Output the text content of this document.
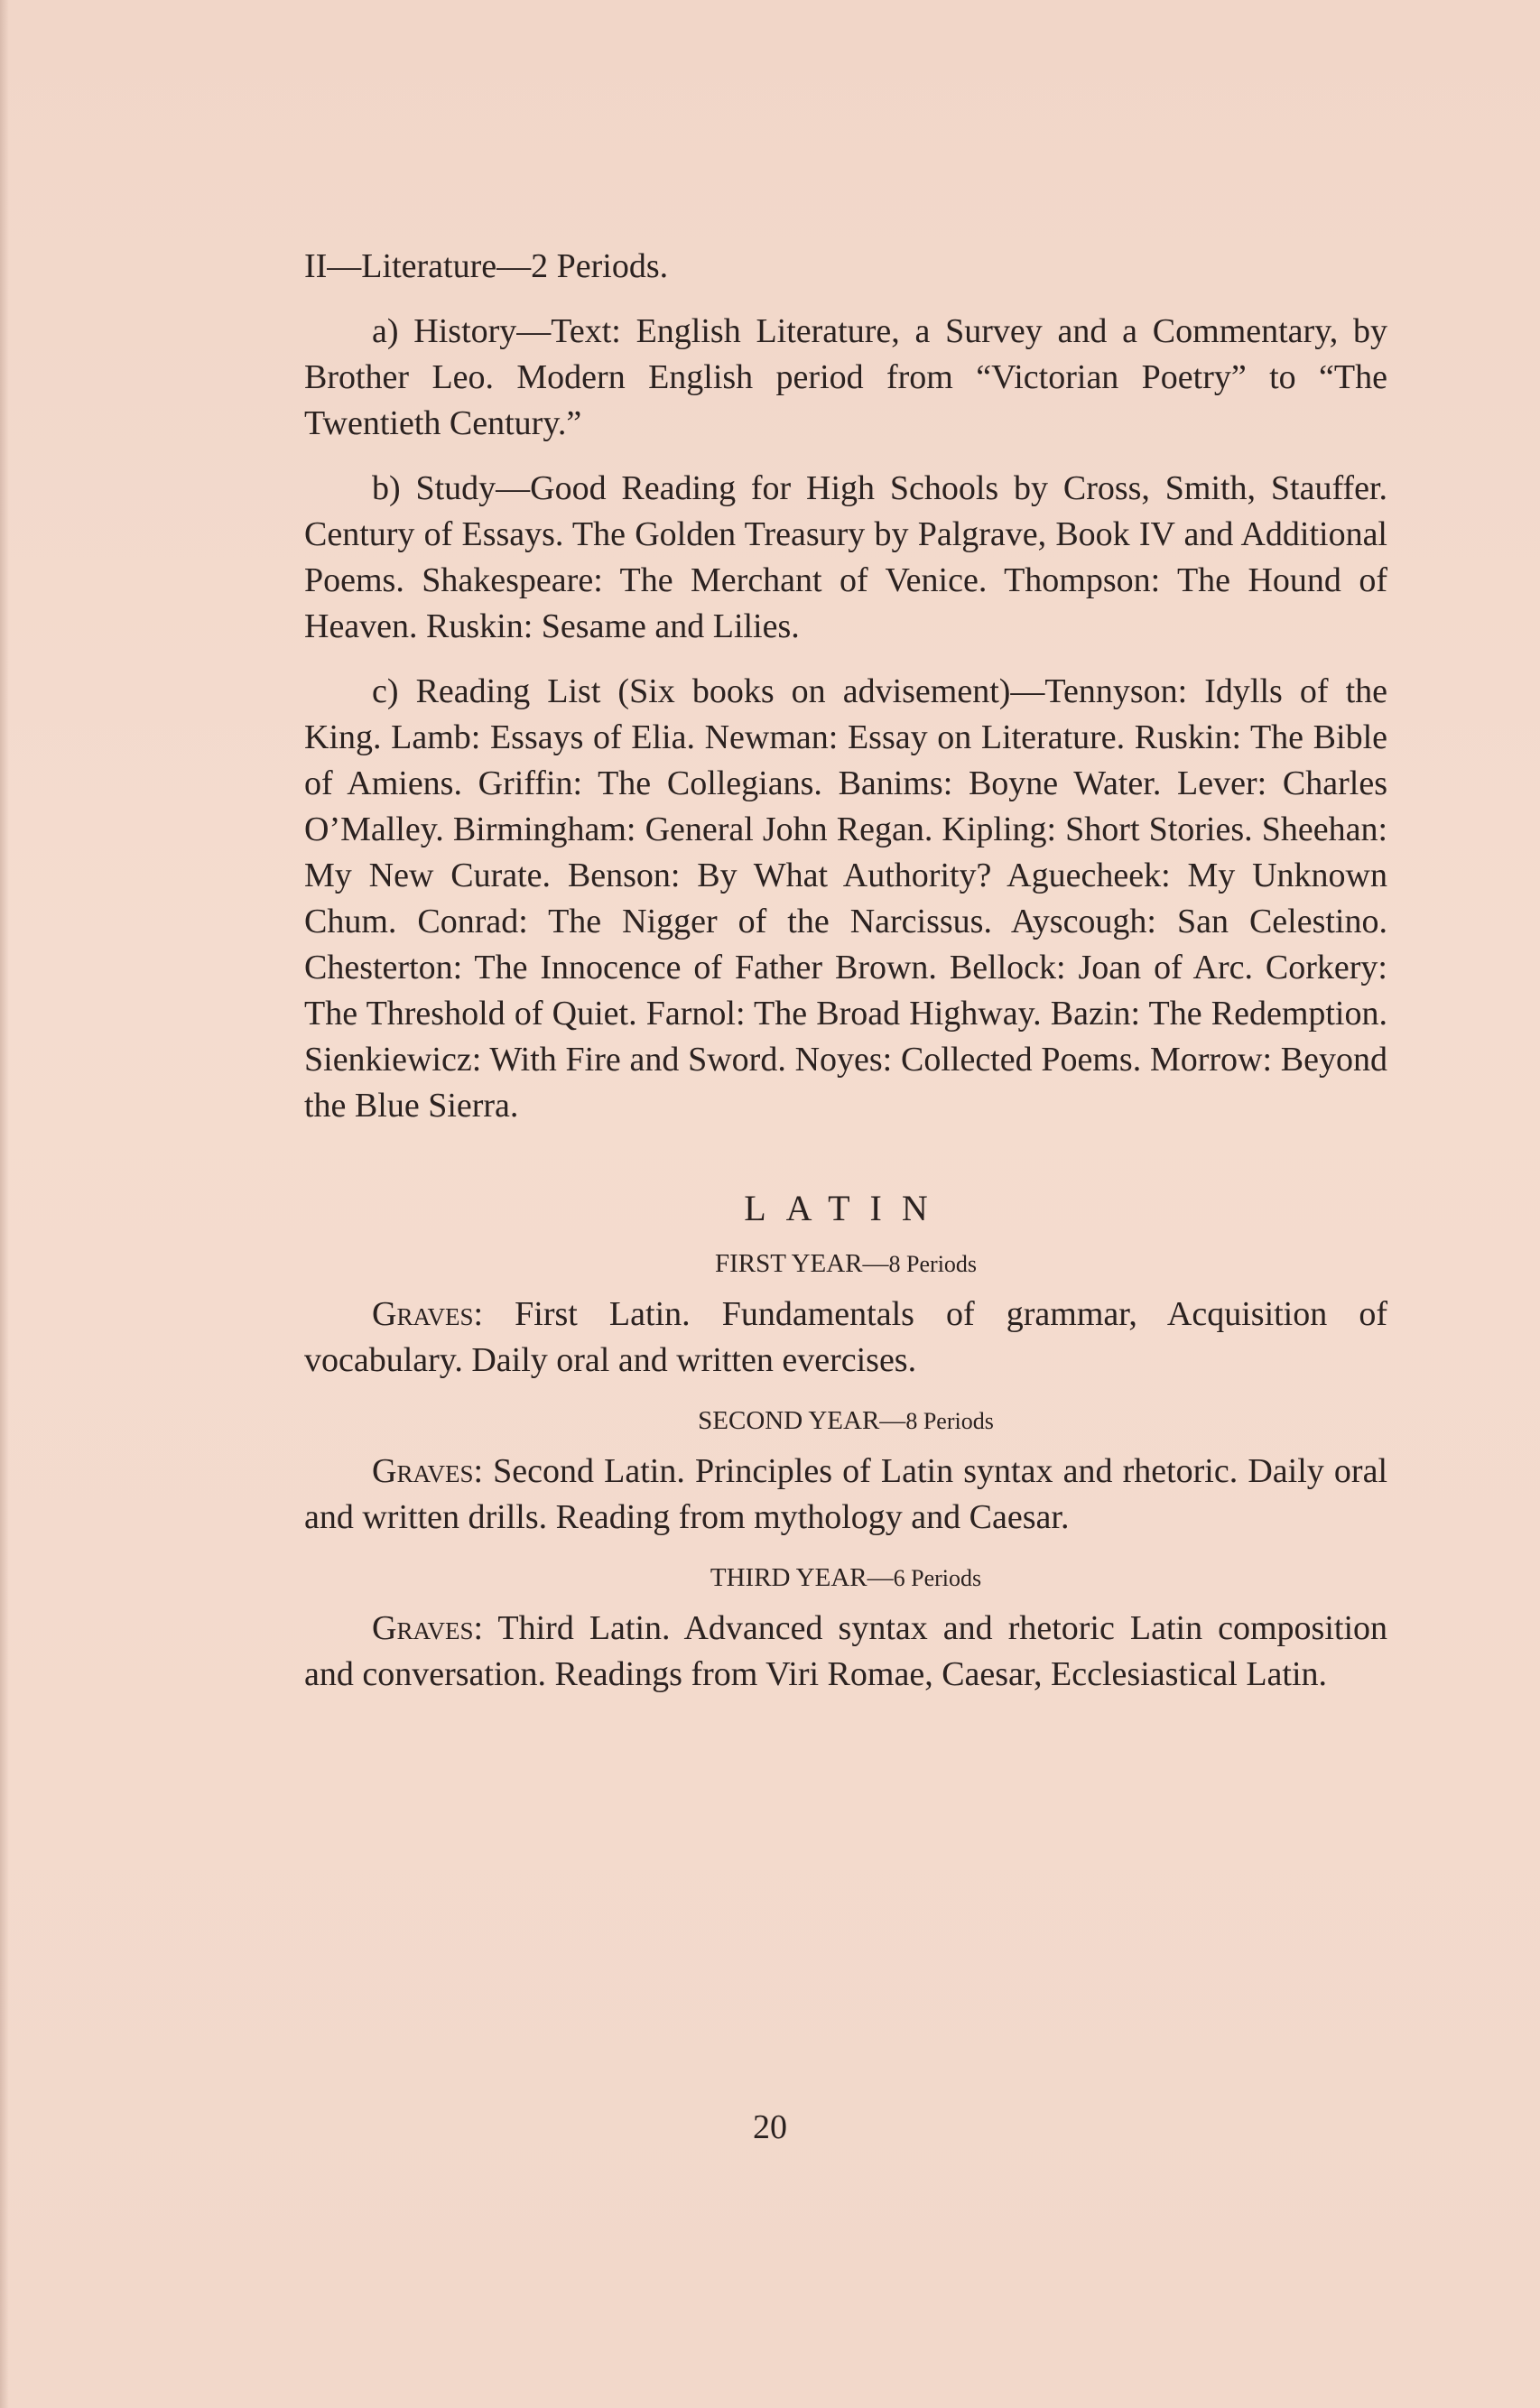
II—Literature—2 Periods.

a) History—Text: English Literature, a Survey and a Commentary, by Brother Leo. Modern English period from “Victorian Poetry” to “The Twentieth Century.”

b) Study—Good Reading for High Schools by Cross, Smith, Stauffer. Century of Essays. The Golden Treasury by Palgrave, Book IV and Additional Poems. Shakespeare: The Merchant of Venice. Thompson: The Hound of Heaven. Ruskin: Sesame and Lilies.

c) Reading List (Six books on advisement)—Tennyson: Idylls of the King. Lamb: Essays of Elia. Newman: Essay on Literature. Ruskin: The Bible of Amiens. Griffin: The Collegians. Banims: Boyne Water. Lever: Charles O’Malley. Birmingham: General John Regan. Kipling: Short Stories. Sheehan: My New Curate. Benson: By What Authority? Aguecheek: My Unknown Chum. Conrad: The Nigger of the Narcissus. Ayscough: San Celestino. Chesterton: The Innocence of Father Brown. Bellock: Joan of Arc. Corkery: The Threshold of Quiet. Farnol: The Broad Highway. Bazin: The Redemption. Sienkiewicz: With Fire and Sword. Noyes: Collected Poems. Morrow: Beyond the Blue Sierra.

LATIN
FIRST YEAR—8 Periods

Graves: First Latin. Fundamentals of grammar, Acquisition of vocabulary. Daily oral and written evercises.

SECOND YEAR—8 Periods

Graves: Second Latin. Principles of Latin syntax and rhetoric. Daily oral and written drills. Reading from mythology and Caesar.

THIRD YEAR—6 Periods

Graves: Third Latin. Advanced syntax and rhetoric Latin composition and conversation. Readings from Viri Romae, Caesar, Ecclesiastical Latin.

20
